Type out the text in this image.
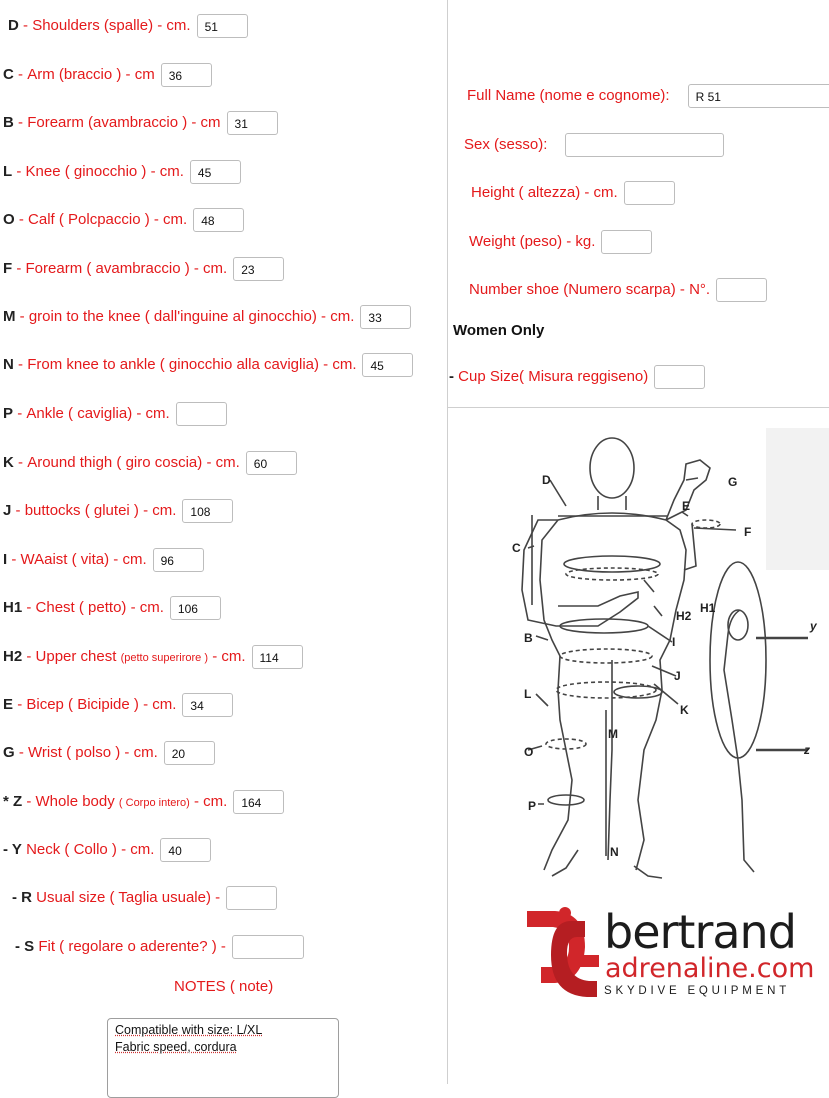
D
- Shoulders (spalle) - cm.	51
C
- Arm (braccio ) - cm	36
B
- Forearm (avambraccio ) - cm	31
L
- Knee ( ginocchio ) - cm.	45
O
- Calf ( Polcpaccio ) - cm.	48
F
- Forearm ( avambraccio ) - cm.	23
M
- groin to the knee ( dall'inguine al ginocchio) - cm.	33
N
- From knee to ankle ( ginocchio alla caviglia) - cm.	45
P
- Ankle ( caviglia) - cm.
K
- Around thigh ( giro coscia) - cm.	60
J
- buttocks ( glutei ) - cm.	108
I
- WAaist ( vita) - cm.	96
H1
- Chest ( petto) - cm.	106
H2
- Upper chest
(petto superirore )
- cm.	114
E
- Bicep ( Bicipide ) - cm.	34
G
- Wrist ( polso ) - cm.	20
* Z
- Whole body
( Corpo intero)
- cm.	164
- Y
Neck ( Collo ) - cm.	40
- R
Usual size ( Taglia usuale) -
- S
Fit ( regolare o aderente? ) -
NOTES ( note)
Compatible with size: L/XL
Fabric speed, cordura
Full Name (nome e cognome):	R 51
Sex (sesso):
Height ( altezza) - cm.
Weight (peso) - kg.
Number shoe (Numero scarpa) - N°.
Women Only
-
Cup Size( Misura reggiseno)
D	G
E
F
C
H1
H2
B	I
J
K
L
M
O
P
N
y
z
bertrand
adrenaline.com
SKYDIVE EQUIPMENT
